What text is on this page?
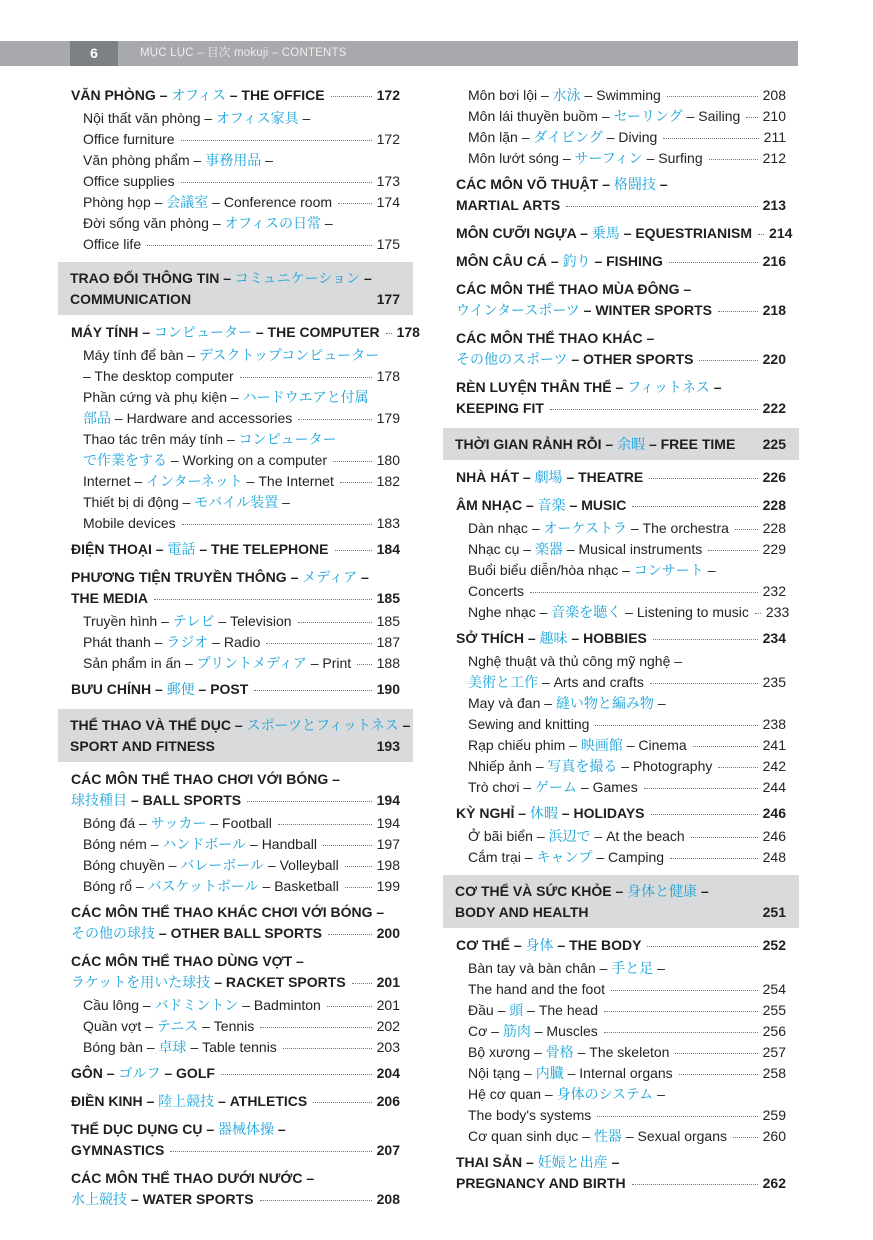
6	MỤC LỤC – 目次 mokuji – CONTENTS
VĂN PHÒNG – オフィス – THE OFFICE	172
Nội thất văn phòng – オフィス家具 –
Office furniture	172
Văn phòng phẩm – 事務用品 –
Office supplies	173
Phòng họp – 会議室 – Conference room	174
Đời sống văn phòng – オフィスの日常 –
Office life	175
TRAO ĐỔI THÔNG TIN – コミュニケーション –
COMMUNICATION	177
MÁY TÍNH – コンピューター – THE COMPUTER 178
Máy tính để bàn – デスクトップコンピューター
– The desktop computer	178
Phần cứng và phụ kiện – ハードウエアと付属
部品 – Hardware and accessories	179
Thao tác trên máy tính – コンピューター
で作業をする – Working on a computer	180
Internet – インターネット – The Internet	182
Thiết bị di động – モバイル装置 –
Mobile devices	183
ĐIỆN THOẠI – 電話 – THE TELEPHONE	184
PHƯƠNG TIỆN TRUYỀN THÔNG – メディア –
THE MEDIA	185
Truyền hình – テレビ – Television	185
Phát thanh – ラジオ – Radio	187
Sản phẩm in ấn – プリントメディア – Print 188
BƯU CHÍNH – 郵便 – POST	190
THỂ THAO VÀ THỂ DỤC – スポーツとフィットネス –
SPORT AND FITNESS	193
CÁC MÔN THỂ THAO CHƠI VỚI BÓNG –
球技種目 – BALL SPORTS	194
Bóng đá – サッカー – Football	194
Bóng ném – ハンドボール – Handball	197
Bóng chuyền – バレーボール – Volleyball	198
Bóng rổ – バスケットボール – Basketball	199
CÁC MÔN THỂ THAO KHÁC CHƠI VỚI BÓNG –
その他の球技 – OTHER BALL SPORTS	200
CÁC MÔN THỂ THAO DÙNG VỢT –
ラケットを用いた球技 – RACKET SPORTS 201
Cầu lông – バドミントン – Badminton	201
Quần vợt – テニス – Tennis	202
Bóng bàn – 卓球 – Table tennis	203
GÔN – ゴルフ – GOLF	204
ĐIỀN KINH – 陸上競技 – ATHLETICS	206
THỂ DỤC DỤNG CỤ – 器械体操 –
GYMNASTICS	207
CÁC MÔN THỂ THAO DƯỚI NƯỚC –
水上競技 – WATER SPORTS	208
Môn bơi lội – 水泳 – Swimming	208
Môn lái thuyền buồm – セーリング – Sailing 210
Môn lặn – ダイビング – Diving	211
Môn lướt sóng – サーフィン – Surfing	212
CÁC MÔN VÕ THUẬT – 格闘技 –
MARTIAL ARTS	213
MÔN CƯỠI NGỰA – 乗馬 – EQUESTRIANISM 214
MÔN CÂU CÁ – 釣り – FISHING	216
CÁC MÔN THỂ THAO MÙA ĐÔNG –
ウインタースポーツ – WINTER SPORTS	218
CÁC MÔN THỂ THAO KHÁC –
その他のスポーツ – OTHER SPORTS	220
RÈN LUYỆN THÂN THỂ – フィットネス –
KEEPING FIT	222
THỜI GIAN RẢNH RỖI – 余暇 – FREE TIME 225
NHÀ HÁT – 劇場 – THEATRE	226
ÂM NHẠC – 音楽 – MUSIC	228
Dàn nhạc – オーケストラ – The orchestra 228
Nhạc cụ – 楽器 – Musical instruments	229
Buổi biểu diễn/hòa nhạc – コンサート –
Concerts	232
Nghe nhạc – 音楽を聴く – Listening to music 233
SỞ THÍCH – 趣味 – HOBBIES	234
Nghệ thuật và thủ công mỹ nghệ –
美術と工作 – Arts and crafts	235
May và đan – 縫い物と編み物 –
Sewing and knitting	238
Rạp chiếu phim – 映画館 – Cinema	241
Nhiếp ảnh – 写真を撮る – Photography	242
Trò chơi – ゲーム – Games	244
KỲ NGHỈ – 休暇 – HOLIDAYS	246
Ở bãi biển – 浜辺で – At the beach	246
Cắm trại – キャンプ – Camping	248
CƠ THỂ VÀ SỨC KHỎE – 身体と健康 –
BODY AND HEALTH	251
CƠ THỂ – 身体 – THE BODY	252
Bàn tay và bàn chân – 手と足 –
The hand and the foot	254
Đầu – 頭 – The head	255
Cơ – 筋肉 – Muscles	256
Bộ xương – 骨格 – The skeleton	257
Nội tạng – 内臓 – Internal organs	258
Hệ cơ quan – 身体のシステム –
The body's systems	259
Cơ quan sinh dục – 性器 – Sexual organs	260
THAI SẢN – 妊娠と出産 –
PREGNANCY AND BIRTH	262
